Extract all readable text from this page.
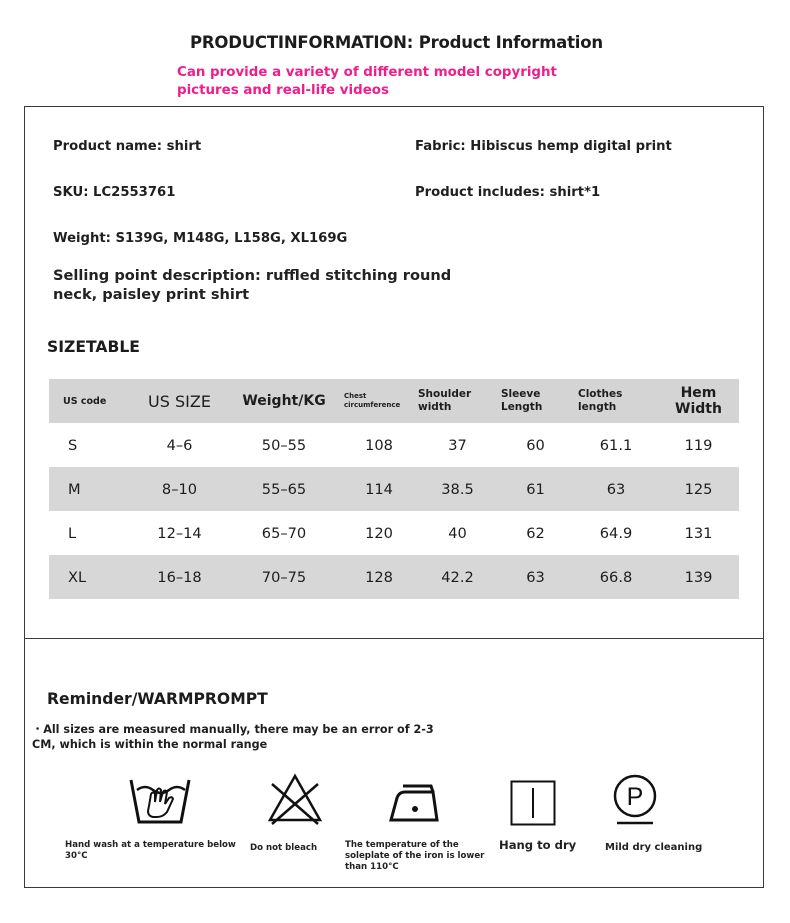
PRODUCTINFORMATION: Product Information
Can provide a variety of different model copyright pictures and real-life videos
Product name: shirt	Fabric: Hibiscus hemp digital print
SKU: LC2553761	Product includes: shirt*1
Weight: S139G, M148G, L158G, XL169G
Selling point description: ruffled stitching round neck, paisley print shirt
SIZETABLE
US code	US SIZE	Weight/KG	Chest circumference	Shoulder width	Sleeve Length	Clothes length	Hem Width
S	4–6	50–55	108	37	60	61.1	119
M	8–10	55–65	114	38.5	61	63	125
L	12–14	65–70	120	40	62	64.9	131
XL	16–18	70–75	128	42.2	63	66.8	139
Reminder/WARMPROMPT
・All sizes are measured manually, there may be an error of 2-3 CM, which is within the normal range
P
Hand wash at a temperature below 30°C
Do not bleach	The temperature of the soleplate of the iron is lower than 110°C
Hang to dry	Mild dry cleaning
